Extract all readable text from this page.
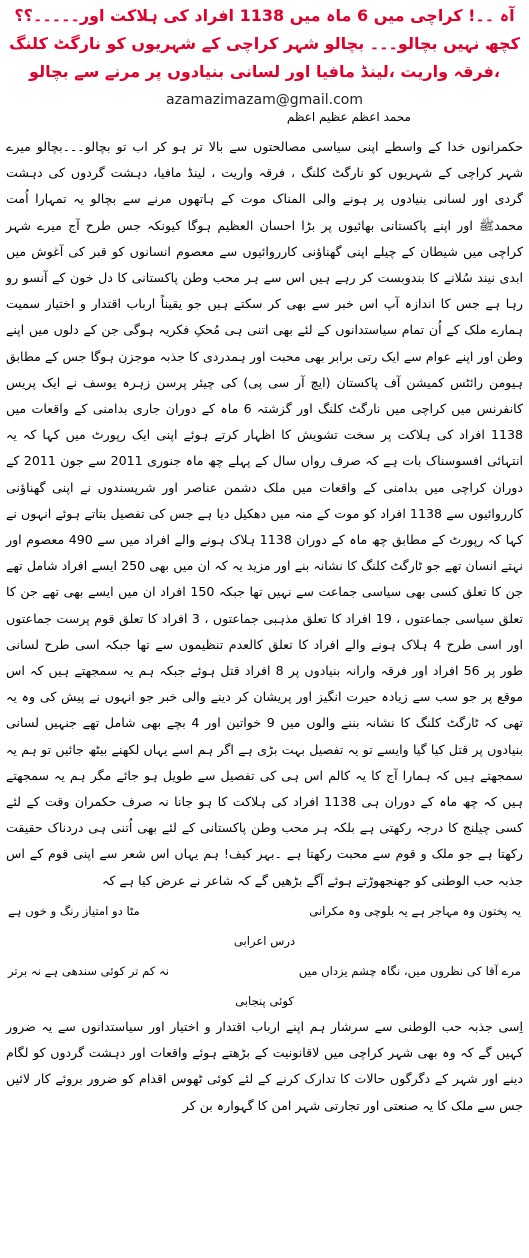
آہ ۔۔! کراچی میں 6 ماہ میں 1138 افراد کی ہلاکت اور۔۔۔۔۔؟؟ کچھ نہیں بچالو۔۔۔ بچالو شہر کراچی کے شہریوں کو نارگٹ کلنگ ،فرقہ واریت ،لینڈ مافیا اور لسانی بنیادوں پر مرنے سے بچالو
azamazimazam@gmail.com
محمد اعظم عظیم اعظم

حکمرانوں خدا کے واسطے اپنی سیاسی مصالحتوں سے بالا تر ہو کر اب تو بچالو۔۔۔بچالو میرے شہر کراچی کے شہریوں کو نارگٹ کلنگ ، فرقہ واریت ، لینڈ مافیا، دہشت گردوں کی دہشت گردی اور لسانی بنیادوں پر ہونے والی المناک موت کے ہاتھوں مرنے سے بچالو یہ تمہارا اُمت محمدﷺ اور اپنے پاکستانی بھائیوں پر بڑا احسان العظیم ہوگا کیونکہ جس طرح آج میرے شہر کراچی میں شیطان کے چیلے اپنی گھناؤنی کارروائیوں سے معصوم انسانوں کو قبر کی آغوش میں ابدی نیند سُلانے کا بندوبست کر رہے ہیں اس سے ہر محب وطن پاکستانی کا دل خون کے آنسو رو رہا ہے جس کا اندازہ آپ اس خبر سے بھی کر سکتے ہیں جو یقیناً ارباب اقتدار و اختیار سمیت ہمارے ملک کے اُن تمام سیاستدانوں کے لئے بھی اتنی ہی مُحکِ فکریہ ہوگی جن کے دلوں میں اپنے وطن اور اپنے عوام سے ایک رتی برابر بھی محبت اور ہمدردی کا جذبہ موجزن ہوگا جس کے مطابق ہیومن رائٹس کمیشن آف پاکستان (ایچ آر سی پی) کی چیئر پرسن زہرہ یوسف نے ایک پریس کانفرنس میں کراچی میں نارگٹ کلنگ اور گزشتہ 6 ماہ کے دوران جاری بدامنی کے واقعات میں 1138 افراد کی ہلاکت پر سخت تشویش کا اظہار کرتے ہوئے اپنی ایک رپورٹ میں کہا کہ یہ انتہائی افسوسناک بات ہے کہ صرف رواں سال کے پہلے چھ ماہ جنوری 2011 سے جون 2011 کے دوران کراچی میں بدامنی کے واقعات میں ملک دشمن عناصر اور شرپسندوں نے اپنی گھناؤنی کارروائیوں سے 1138 افراد کو موت کے منہ میں دھکیل دیا ہے جس کی تفصیل بتاتے ہوئے انہوں نے کہا کہ رپورٹ کے مطابق چھ ماہ کے دوران 1138 ہلاک ہونے والے افراد میں سے 490 معصوم اور نہتے انسان تھے جو ٹارگٹ کلنگ کا نشانہ بنے اور مزید یہ کہ ان میں بھی 250 ایسے افراد شامل تھے جن کا تعلق کسی بھی سیاسی جماعت سے نہیں تھا جبکہ 150 افراد ان میں ایسے بھی تھے جن کا تعلق سیاسی جماعتوں ، 19 افراد کا تعلق مذہبی جماعتوں ، 3 افراد کا تعلق قوم پرست جماعتوں اور اسی طرح 4 ہلاک ہونے والے افراد کا تعلق کالعدم تنظیموں سے تھا جبکہ اسی طرح لسانی طور پر 56 افراد اور فرقہ وارانہ بنیادوں پر 8 افراد قتل ہوئے جبکہ ہم یہ سمجھتے ہیں کہ اس موقع پر جو سب سے زیادہ حیرت انگیز اور پریشان کر دینے والی خبر جو انہوں نے پیش کی وہ یہ تھی کہ ٹارگٹ کلنگ کا نشانہ بننے والوں میں 9 خواتین اور 4 بچے بھی شامل تھے جنہیں لسانی بنیادوں پر قتل کیا گیا وایسے تو یہ تفصیل بہت بڑی ہے اگر ہم اسے یہاں لکھنے بیٹھ جائیں تو ہم یہ سمجھتے ہیں کہ ہمارا آج کا یہ کالم اس ہی کی تفصیل سے طویل ہو جائے مگر ہم یہ سمجھتے ہیں کہ چھ ماہ کے دوران ہی 1138 افراد کی ہلاکت کا ہو جانا نہ صرف حکمران وقت کے لئے کسی چیلنج کا درجہ رکھتی ہے بلکہ ہر محب وطن پاکستانی کے لئے بھی اُتنی ہی دردناک حقیقت رکھتا ہے جو ملک و قوم سے محبت رکھتا ہے ۔بہر کیف! ہم یہاں اس شعر سے اپنی قوم کے اس جذبہ حب الوطنی کو جھنجھوڑتے ہوئے آگے بڑھیں گے کہ شاعر نے عرض کیا ہے کہ

یہ پختون وہ مہاجر ہے یہ بلوچی وہ مکرانی
مٹا دو امتیاز رنگ و خوں ہے
درس اعرابی
مرے آقا کی نظروں میں، نگاہ چشم یزداں میں
نہ کم تر کوئی سندھی ہے نہ برتر
کوئی پنجابی

اِسی جذبہ حب الوطنی سے سرشار ہم اپنے ارباب اقتدار و اختیار اور سیاستدانوں سے یہ ضرور کہیں گے کہ وہ بھی شہر کراچی میں لاقانونیت کے بڑھتے ہوئے واقعات اور دہشت گردوں کو لگام دینے اور شہر کے دگرگوں حالات کا تدارک کرنے کے لئے کوئی ٹھوس اقدام کو ضرور بروئے کار لائیں جس سے ملک کا یہ صنعتی اور تجارتی شہر امن کا گہوارہ بن کر
